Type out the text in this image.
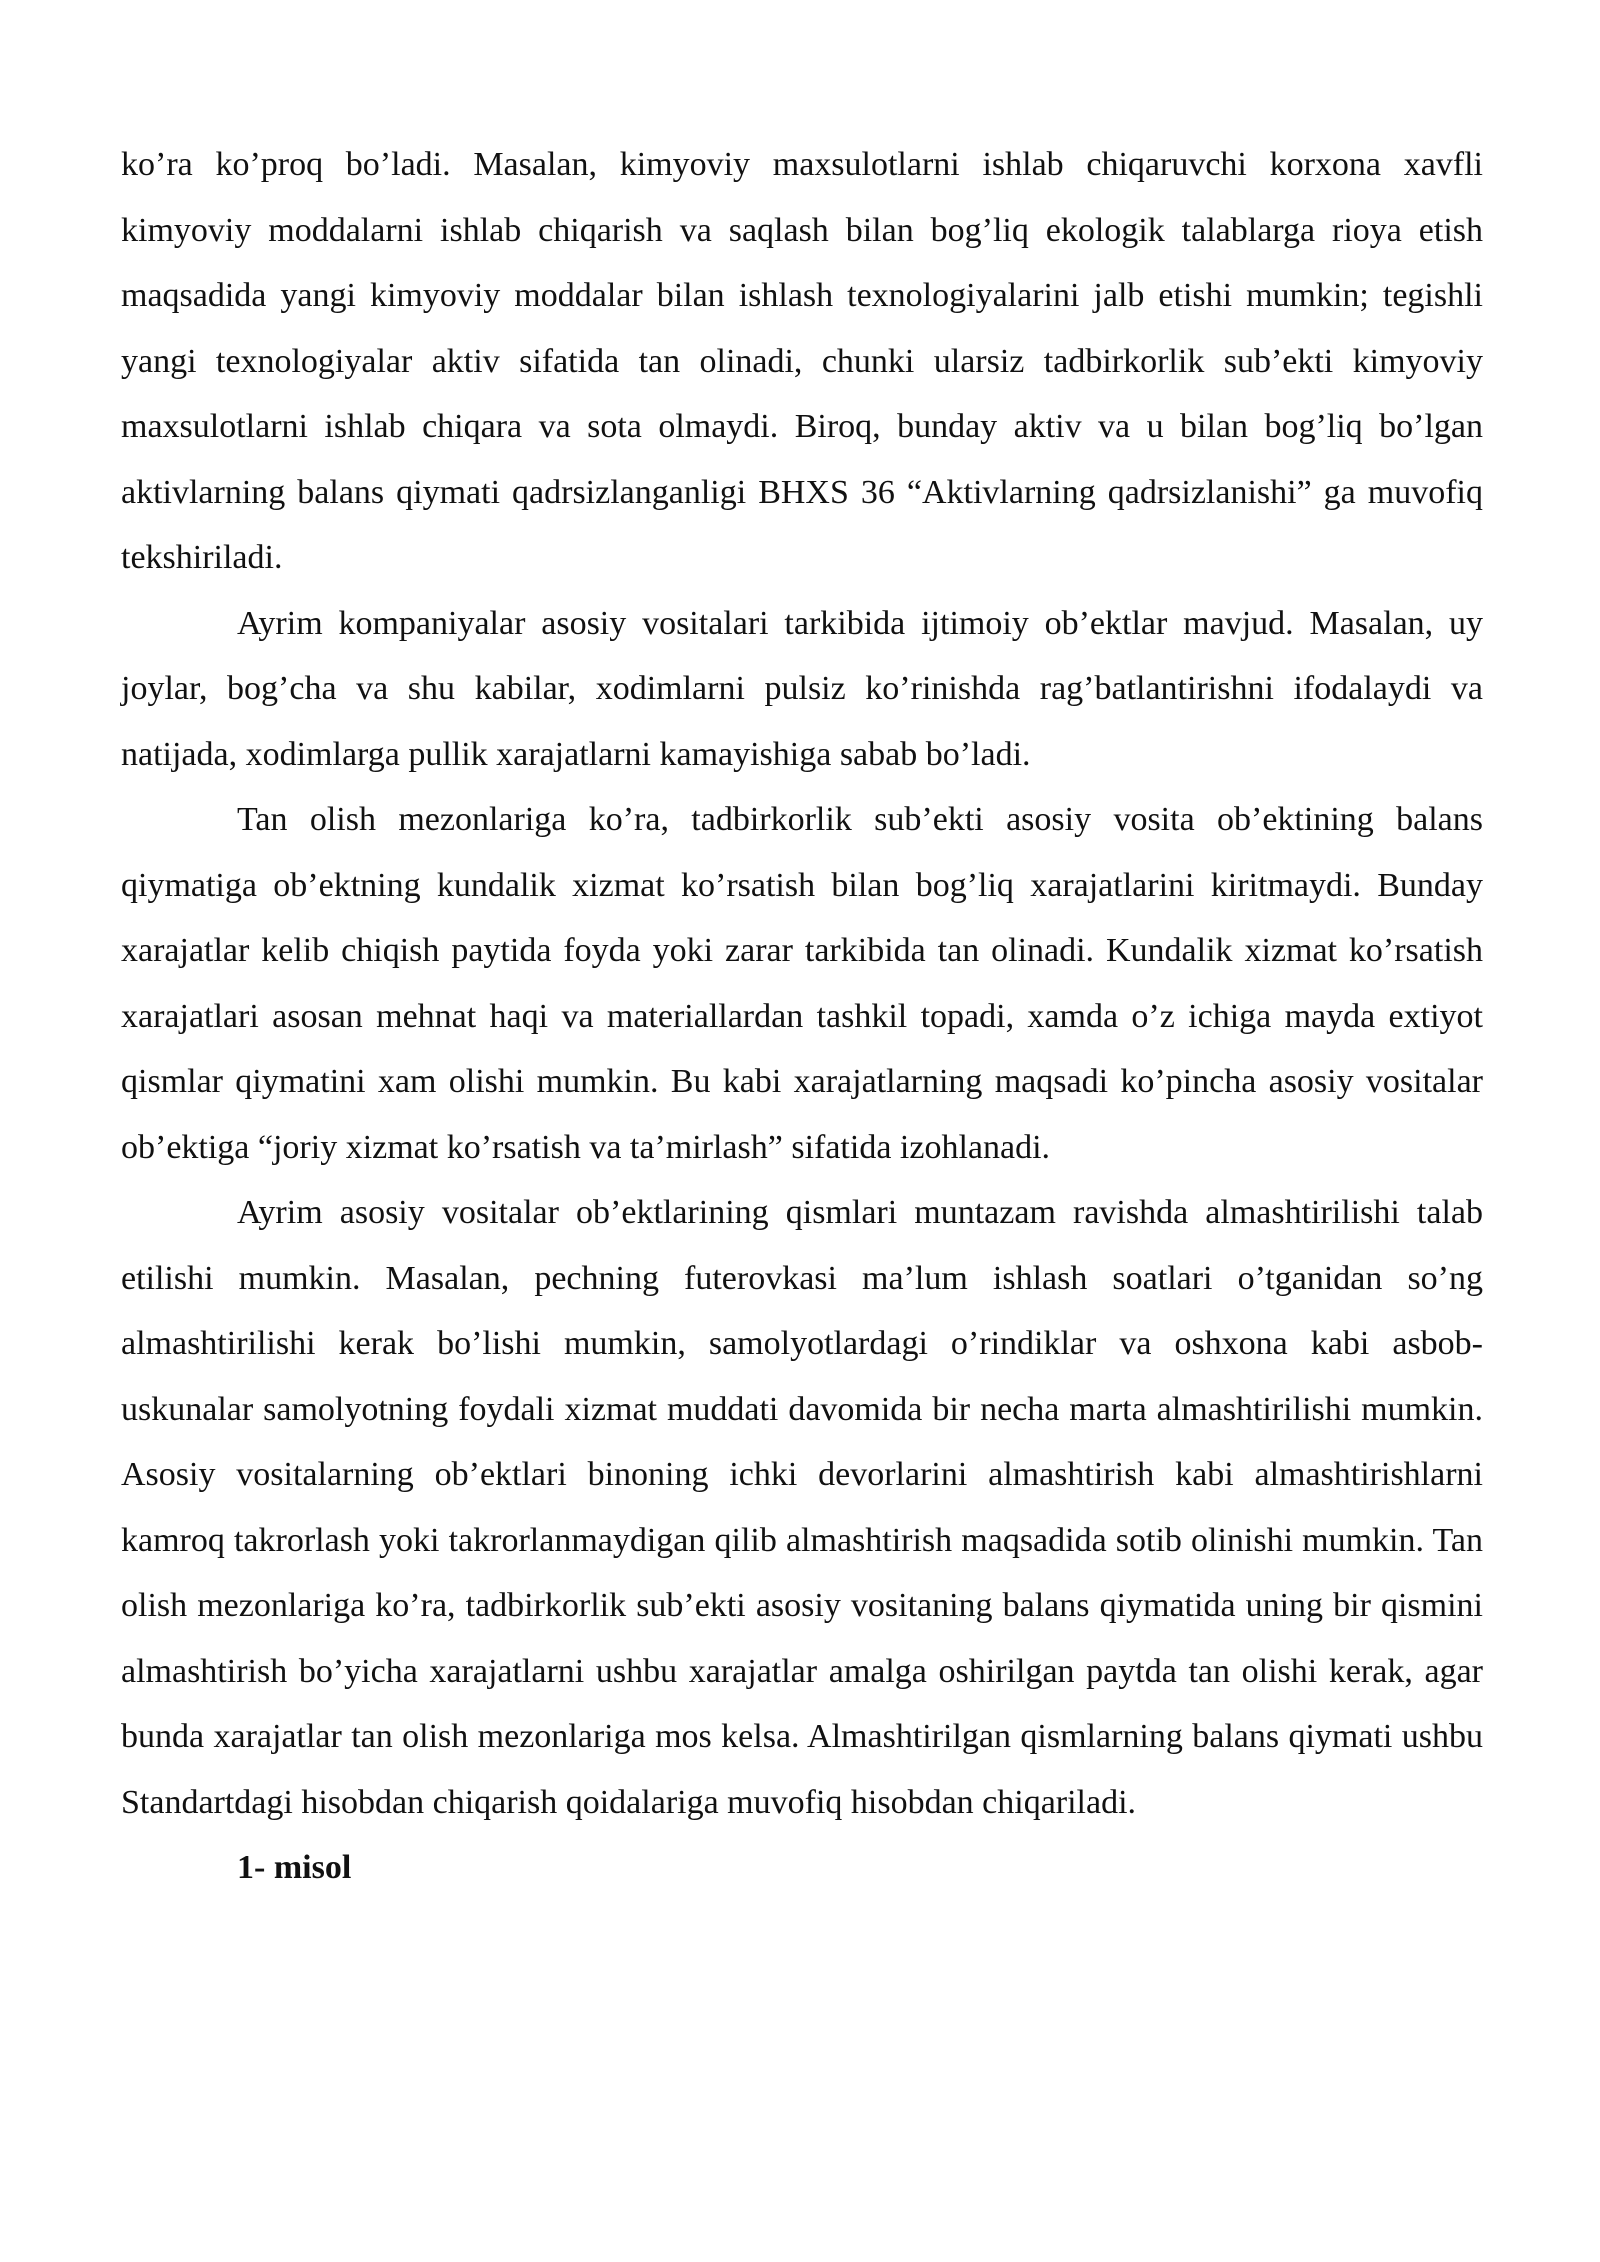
ko’ra ko’proq bo’ladi. Masalan, kimyoviy maxsulotlarni ishlab chiqaruvchi korxona xavfli kimyoviy moddalarni ishlab chiqarish va saqlash bilan bog’liq ekologik talablarga rioya etish maqsadida yangi kimyoviy moddalar bilan ishlash texnologiyalarini jalb etishi mumkin; tegishli yangi texnologiyalar aktiv sifatida tan olinadi, chunki ularsiz tadbirkorlik sub’ekti kimyoviy maxsulotlarni ishlab chiqara va sota olmaydi. Biroq, bunday aktiv va u bilan bog’liq bo’lgan aktivlarning balans qiymati qadrsizlanganligi BHXS 36 “Aktivlarning qadrsizlanishi” ga muvofiq tekshiriladi.

Ayrim kompaniyalar asosiy vositalari tarkibida ijtimoiy ob’ektlar mavjud. Masalan, uy joylar, bog’cha va shu kabilar, xodimlarni pulsiz ko’rinishda rag’batlantirishni ifodalaydi va natijada, xodimlarga pullik xarajatlarni kamayishiga sabab bo’ladi.

Tan olish mezonlariga ko’ra, tadbirkorlik sub’ekti asosiy vosita ob’ektining balans qiymatiga ob’ektning kundalik xizmat ko’rsatish bilan bog’liq xarajatlarini kiritmaydi. Bunday xarajatlar kelib chiqish paytida foyda yoki zarar tarkibida tan olinadi. Kundalik xizmat ko’rsatish xarajatlari asosan mehnat haqi va materiallardan tashkil topadi, xamda o’z ichiga mayda extiyot qismlar qiymatini xam olishi mumkin. Bu kabi xarajatlarning maqsadi ko’pincha asosiy vositalar ob’ektiga “joriy xizmat ko’rsatish va ta’mirlash” sifatida izohlanadi.

Ayrim asosiy vositalar ob’ektlarining qismlari muntazam ravishda almashtirilishi talab etilishi mumkin. Masalan, pechning futerovkasi ma’lum ishlash soatlari o’tganidan so’ng almashtirilishi kerak bo’lishi mumkin, samolyotlardagi o’rindiklar va oshxona kabi asbob-uskunalar samolyotning foydali xizmat muddati davomida bir necha marta almashtirilishi mumkin. Asosiy vositalarning ob’ektlari binoning ichki devorlarini almashtirish kabi almashtirishlarni kamroq takrorlash yoki takrorlanmaydigan qilib almashtirish maqsadida sotib olinishi mumkin. Tan olish mezonlariga ko’ra, tadbirkorlik sub’ekti asosiy vositaning balans qiymatida uning bir qismini almashtirish bo’yicha xarajatlarni ushbu xarajatlar amalga oshirilgan paytda tan olishi kerak, agar bunda xarajatlar tan olish mezonlariga mos kelsa. Almashtirilgan qismlarning balans qiymati ushbu Standartdagi hisobdan chiqarish qoidalariga muvofiq hisobdan chiqariladi.

1- misol
